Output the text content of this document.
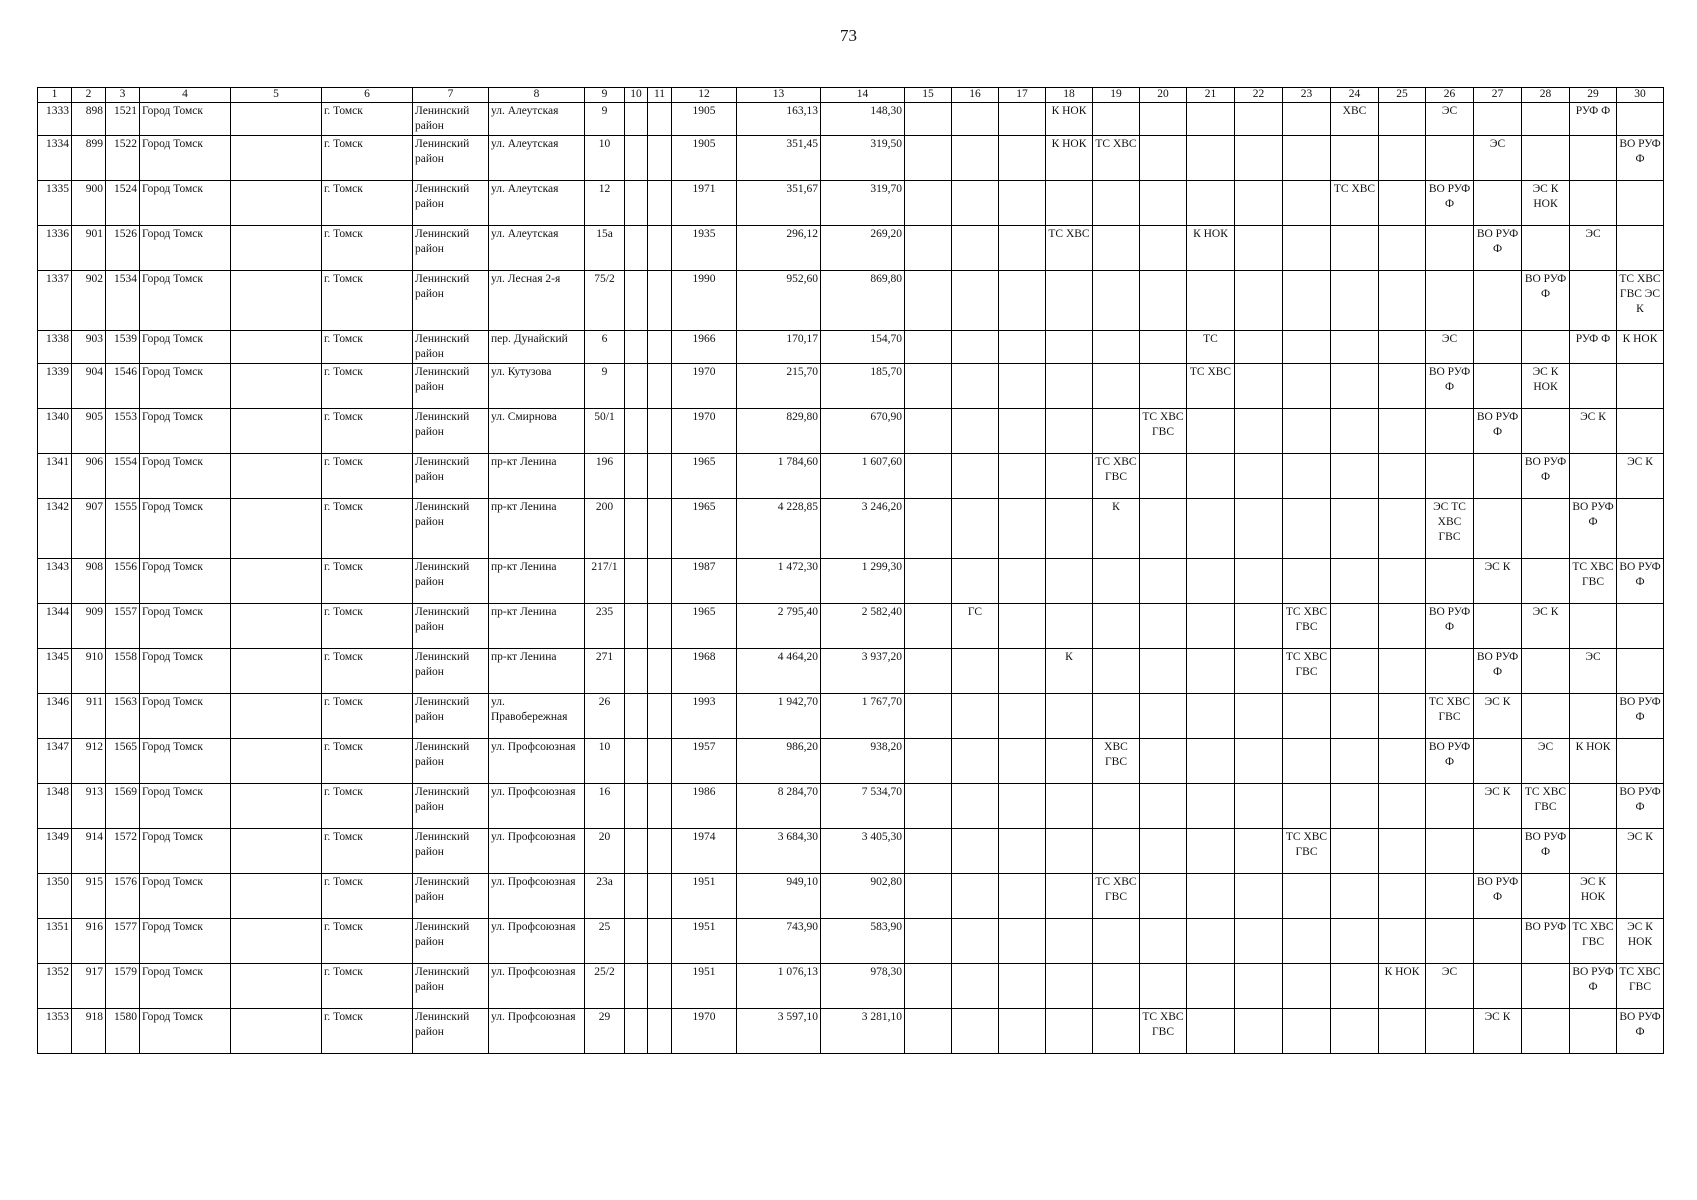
73
1	2	3	4	5	6	7	8	9	10	11	12	13	14	15	16	17	18	19	20	21	22	23	24	25	26	27	28	29	30
1333	898	1521	Город Томск		г. Томск	Ленинский район	ул. Алеутская	9			1905	163,13	148,30				К НОК						ХВС		ЭС			РУФ Ф	
1334	899	1522	Город Томск		г. Томск	Ленинский район	ул. Алеутская	10			1905	351,45	319,50				К НОК	ТС ХВС								ЭС			ВО РУФ Ф
1335	900	1524	Город Томск		г. Томск	Ленинский район	ул. Алеутская	12			1971	351,67	319,70										ТС ХВС		ВО РУФ Ф		ЭС К НОК		
1336	901	1526	Город Томск		г. Томск	Ленинский район	ул. Алеутская	15а			1935	296,12	269,20				ТС ХВС			К НОК						ВО РУФ Ф		ЭС	
1337	902	1534	Город Томск		г. Томск	Ленинский район	ул. Лесная 2-я	75/2			1990	952,60	869,80														ВО РУФ Ф		ТС ХВС ГВС ЭС К
1338	903	1539	Город Томск		г. Томск	Ленинский район	пер. Дунайский	6			1966	170,17	154,70							ТС					ЭС			РУФ Ф	К НОК
1339	904	1546	Город Томск		г. Томск	Ленинский район	ул. Кутузова	9			1970	215,70	185,70							ТС ХВС					ВО РУФ Ф		ЭС К НОК		
1340	905	1553	Город Томск		г. Томск	Ленинский район	ул. Смирнова	50/1			1970	829,80	670,90						ТС ХВС ГВС							ВО РУФ Ф		ЭС К	
1341	906	1554	Город Томск		г. Томск	Ленинский район	пр-кт Ленина	196			1965	1 784,60	1 607,60					ТС ХВС ГВС									ВО РУФ Ф		ЭС К
1342	907	1555	Город Томск		г. Томск	Ленинский район	пр-кт Ленина	200			1965	4 228,85	3 246,20					К							ЭС ТС ХВС ГВС			ВО РУФ Ф	
1343	908	1556	Город Томск		г. Томск	Ленинский район	пр-кт Ленина	217/1			1987	1 472,30	1 299,30													ЭС К		ТС ХВС ГВС	ВО РУФ Ф
1344	909	1557	Город Томск		г. Томск	Ленинский район	пр-кт Ленина	235			1965	2 795,40	2 582,40		ГС							ТС ХВС ГВС			ВО РУФ Ф		ЭС К		
1345	910	1558	Город Томск		г. Томск	Ленинский район	пр-кт Ленина	271			1968	4 464,20	3 937,20				К					ТС ХВС ГВС				ВО РУФ Ф		ЭС	
1346	911	1563	Город Томск		г. Томск	Ленинский район	ул. Правобережная	26			1993	1 942,70	1 767,70												ТС ХВС ГВС	ЭС К			ВО РУФ Ф
1347	912	1565	Город Томск		г. Томск	Ленинский район	ул. Профсоюзная	10			1957	986,20	938,20					ХВС ГВС							ВО РУФ Ф		ЭС	К НОК	
1348	913	1569	Город Томск		г. Томск	Ленинский район	ул. Профсоюзная	16			1986	8 284,70	7 534,70													ЭС К	ТС ХВС ГВС		ВО РУФ Ф
1349	914	1572	Город Томск		г. Томск	Ленинский район	ул. Профсоюзная	20			1974	3 684,30	3 405,30									ТС ХВС ГВС					ВО РУФ Ф		ЭС К
1350	915	1576	Город Томск		г. Томск	Ленинский район	ул. Профсоюзная	23а			1951	949,10	902,80					ТС ХВС ГВС								ВО РУФ Ф		ЭС К НОК	
1351	916	1577	Город Томск		г. Томск	Ленинский район	ул. Профсоюзная	25			1951	743,90	583,90														ВО РУФ	ТС ХВС ГВС	ЭС К НОК
1352	917	1579	Город Томск		г. Томск	Ленинский район	ул. Профсоюзная	25/2			1951	1 076,13	978,30											К НОК	ЭС			ВО РУФ Ф	ТС ХВС ГВС
1353	918	1580	Город Томск		г. Томск	Ленинский район	ул. Профсоюзная	29			1970	3 597,10	3 281,10						ТС ХВС ГВС							ЭС К			ВО РУФ Ф
